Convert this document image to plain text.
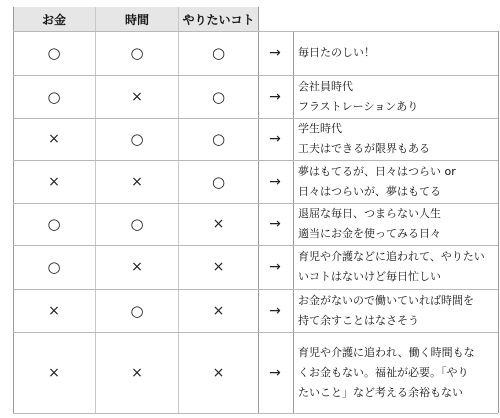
お金	時間	やりたいコト
○	○	○	→	毎日たのしい！
○	×	○	→
会社員時代
フラストレーションあり
×	○	○	→
学生時代
工夫はできるが限界もある
×	×	○	→
夢はもてるが、日々はつらい or
日々はつらいが、夢はもてる
○	○	×	→
退屈な毎日、つまらない人生
適当にお金を使ってみる日々
○	×	×	→
育児や介護などに追われて、やりたい
いコトはないけど毎日忙しい
×	○	×	→
お金がないので働いていれば時間を
持て余すことはなさそう
×	×	×	→
育児や介護に追われ、働く時間もな
くお金もない。福祉が必要。「やり
たいこと」など考える余裕もない
